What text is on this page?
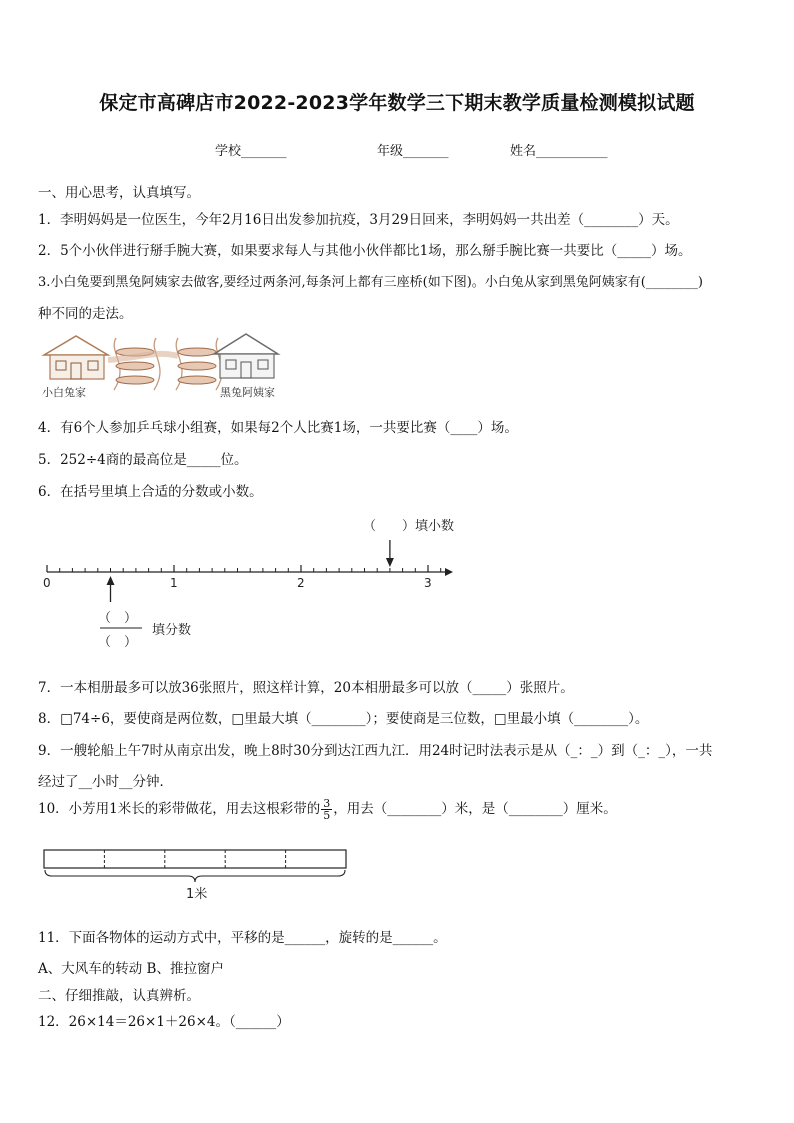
保定市高碑店市2022-2023学年数学三下期末教学质量检测模拟试题
学校_______	年级_______	姓名___________
一、用心思考，认真填写。
1．李明妈妈是一位医生，今年2月16日出发参加抗疫，3月29日回来，李明妈妈一共出差（________）天。
2．5个小伙伴进行掰手腕大赛，如果要求每人与其他小伙伴都比1场，那么掰手腕比赛一共要比（_____）场。
3.小白兔要到黑兔阿姨家去做客,要经过两条河,每条河上都有三座桥(如下图)。小白兔从家到黑兔阿姨家有(________)
种不同的走法。
小白兔家	黑兔阿姨家
4．有6个人参加乒乓球小组赛，如果每2个人比赛1场，一共要比赛（____）场。
5．252÷4商的最高位是_____位。
6．在括号里填上合适的分数或小数。
0	1	2	3
（　　）填小数
（　）
（　）
填分数
7．一本相册最多可以放36张照片，照这样计算，20本相册最多可以放（_____）张照片。
8．□74÷6，要使商是两位数，□里最大填（________）；要使商是三位数，□里最小填（________）。
9．一艘轮船上午7时从南京出发，晚上8时30分到达江西九江．用24时记时法表示是从（_：_）到（_：_），一共
经过了__小时__分钟．
10．小芳用1米长的彩带做花，用去这根彩带的 $\frac{3}{5}$ ，用去（________）米，是（________）厘米。
1米
11．下面各物体的运动方式中，平移的是______，旋转的是______。
A、大风车的转动 B、推拉窗户
二、仔细推敲，认真辨析。
12．26×14＝26×1＋26×4。（______）
